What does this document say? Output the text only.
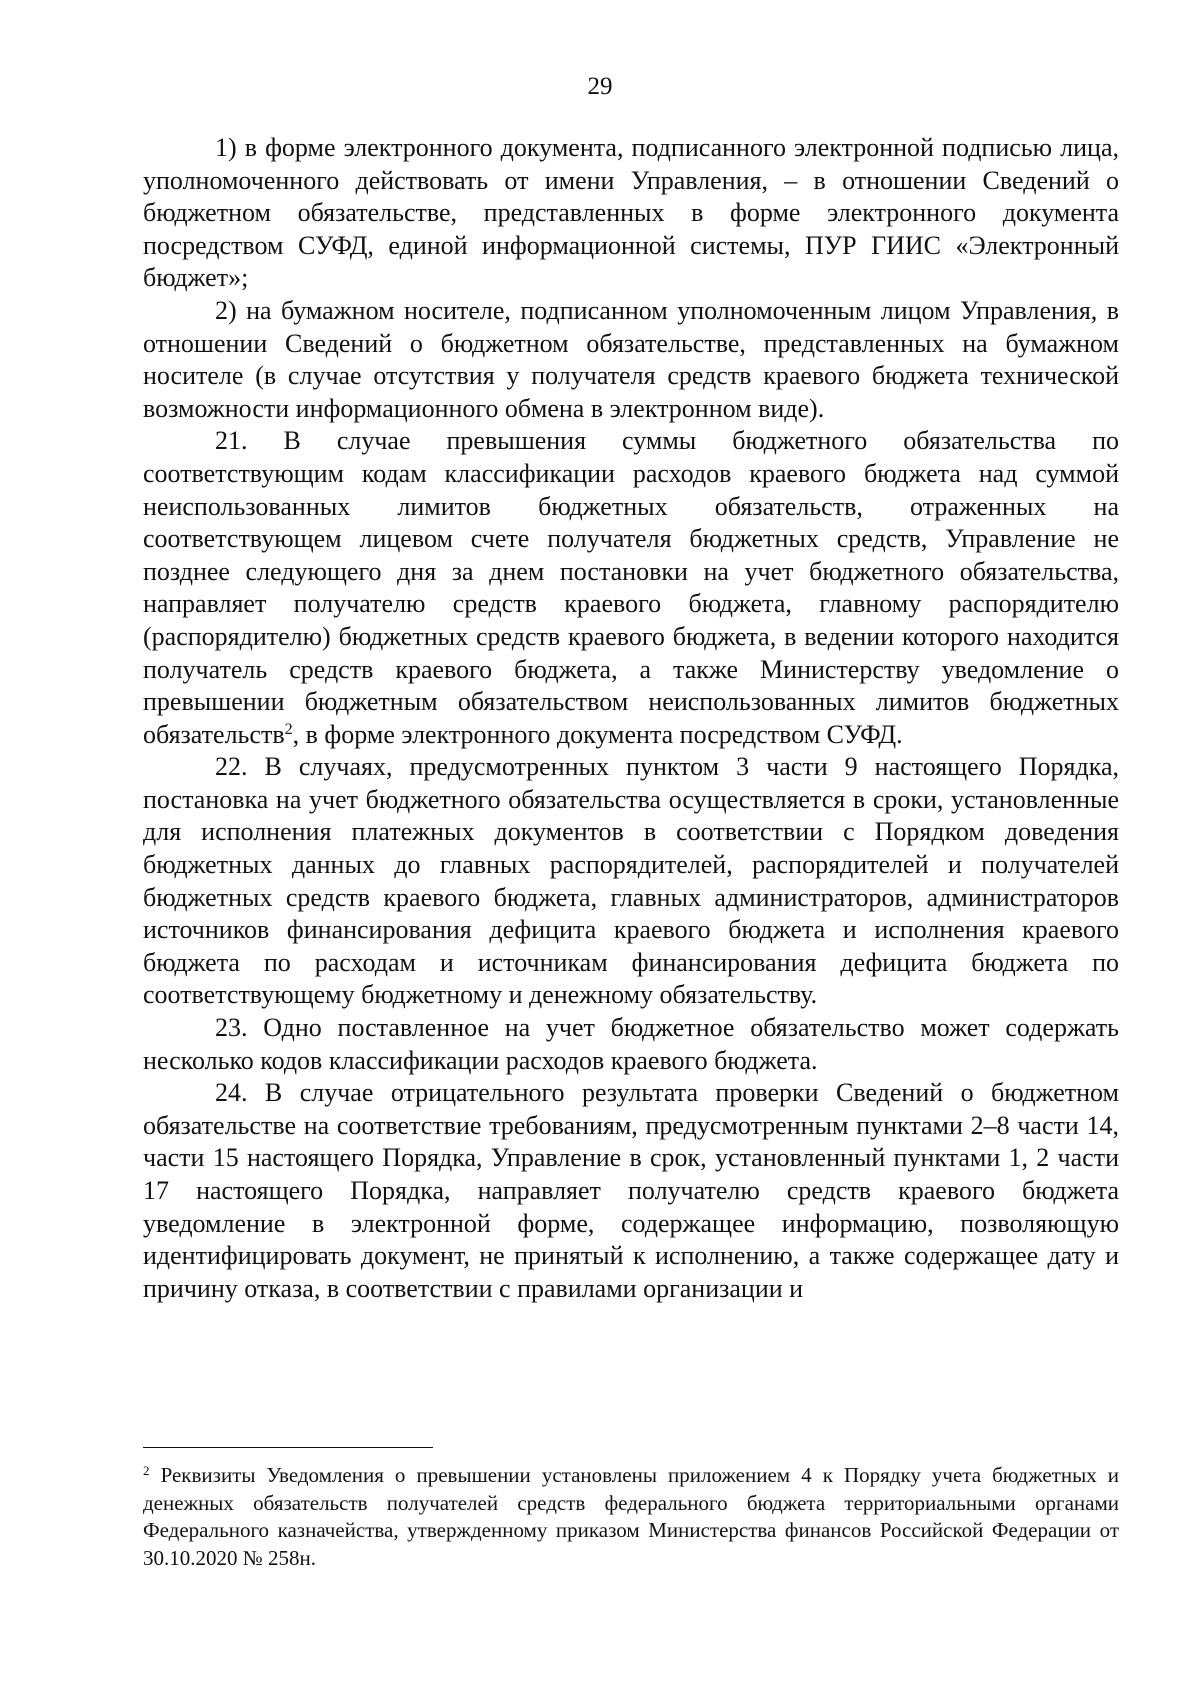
29

1) в форме электронного документа, подписанного электронной подписью лица, уполномоченного действовать от имени Управления, – в отношении Сведений о бюджетном обязательстве, представленных в форме электронного документа посредством СУФД, единой информационной системы, ПУР ГИИС «Электронный бюджет»;

2) на бумажном носителе, подписанном уполномоченным лицом Управления, в отношении Сведений о бюджетном обязательстве, представленных на бумажном носителе (в случае отсутствия у получателя средств краевого бюджета технической возможности информационного обмена в электронном виде).

21. В случае превышения суммы бюджетного обязательства по соответствующим кодам классификации расходов краевого бюджета над суммой неиспользованных лимитов бюджетных обязательств, отраженных на соответствующем лицевом счете получателя бюджетных средств, Управление не позднее следующего дня за днем постановки на учет бюджетного обязательства, направляет получателю средств краевого бюджета, главному распорядителю (распорядителю) бюджетных средств краевого бюджета, в ведении которого находится получатель средств краевого бюджета, а также Министерству уведомление о превышении бюджетным обязательством неиспользованных лимитов бюджетных обязательств$^2$, в форме электронного документа посредством СУФД.

22. В случаях, предусмотренных пунктом 3 части 9 настоящего Порядка, постановка на учет бюджетного обязательства осуществляется в сроки, установленные для исполнения платежных документов в соответствии с Порядком доведения бюджетных данных до главных распорядителей, распорядителей и получателей бюджетных средств краевого бюджета, главных администраторов, администраторов источников финансирования дефицита краевого бюджета и исполнения краевого бюджета по расходам и источникам финансирования дефицита бюджета по соответствующему бюджетному и денежному обязательству.

23. Одно поставленное на учет бюджетное обязательство может содержать несколько кодов классификации расходов краевого бюджета.

24. В случае отрицательного результата проверки Сведений о бюджетном обязательстве на соответствие требованиям, предусмотренным пунктами 2–8 части 14, части 15 настоящего Порядка, Управление в срок, установленный пунктами 1, 2 части 17 настоящего Порядка, направляет получателю средств краевого бюджета уведомление в электронной форме, содержащее информацию, позволяющую идентифицировать документ, не принятый к исполнению, а также содержащее дату и причину отказа, в соответствии с правилами организации и

$^2$ Реквизиты Уведомления о превышении установлены приложением 4 к Порядку учета бюджетных и денежных обязательств получателей средств федерального бюджета территориальными органами Федерального казначейства, утвержденному приказом Министерства финансов Российской Федерации от 30.10.2020 № 258н.
